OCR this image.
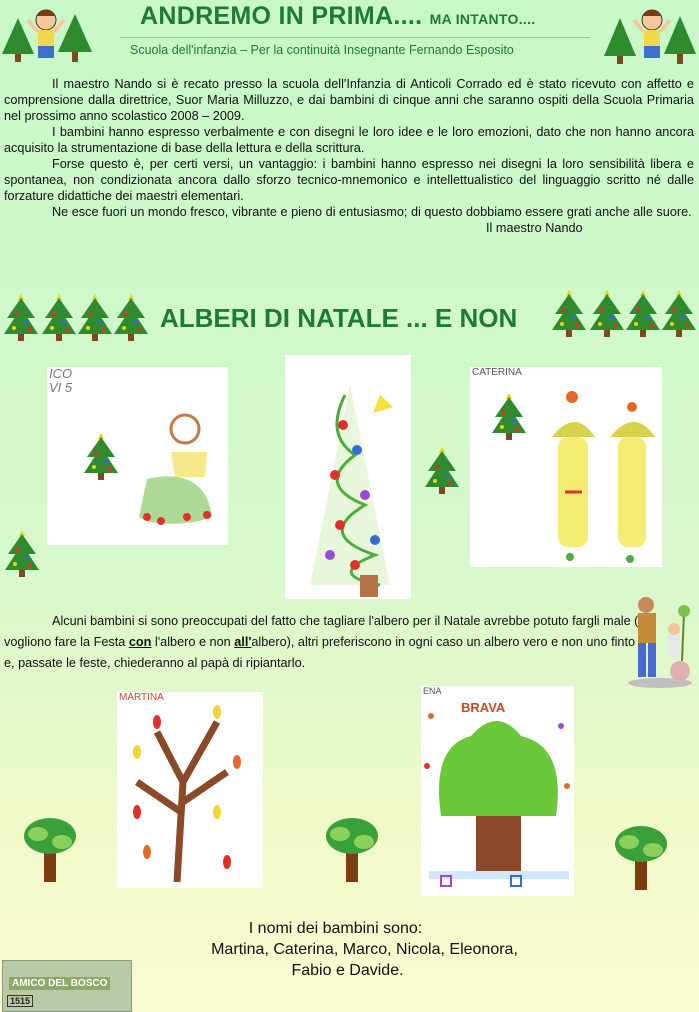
ANDREMO IN PRIMA.... MA INTANTO....
Scuola dell'infanzia – Per la continuità Insegnante Fernando Esposito

Il maestro Nando si è recato presso la scuola dell'Infanzia di Anticoli Corrado ed è stato ricevuto con affetto e comprensione dalla direttrice, Suor Maria Milluzzo, e dai bambini di cinque anni che saranno ospiti della Scuola Primaria nel prossimo anno scolastico 2008 – 2009.

I bambini hanno espresso verbalmente e con disegni le loro idee e le loro emozioni, dato che non hanno ancora acquisito la strumentazione di base della lettura e della scrittura.

Forse questo è, per certi versi, un vantaggio: i bambini hanno espresso nei disegni la loro sensibilità libera e spontanea, non condizionata ancora dallo sforzo tecnico-mnemonico e intellettualistico del linguaggio scritto né dalle forzature didattiche dei maestri elementari.

Ne esce fuori un mondo fresco, vibrante e pieno di entusiasmo; di questo dobbiamo essere grati anche alle suore.
Il maestro Nando

ALBERI DI NATALE ... E NON
ICO
VI 5
CATERINA

Alcuni bambini si sono preoccupati del fatto che tagliare l'albero per il Natale avrebbe potuto fargli male ( vogliono fare la Festa con l'albero e non all'albero), altri preferiscono in ogni caso un albero vero e non uno finto e, passate le feste, chiederanno al papà di ripiantarlo.

MARTINA
ENA
BRAVA
I nomi dei bambini sono:
Martina, Caterina, Marco, Nicola, Eleonora,
Fabio e Davide.
AMICO DEL BOSCO
1515
